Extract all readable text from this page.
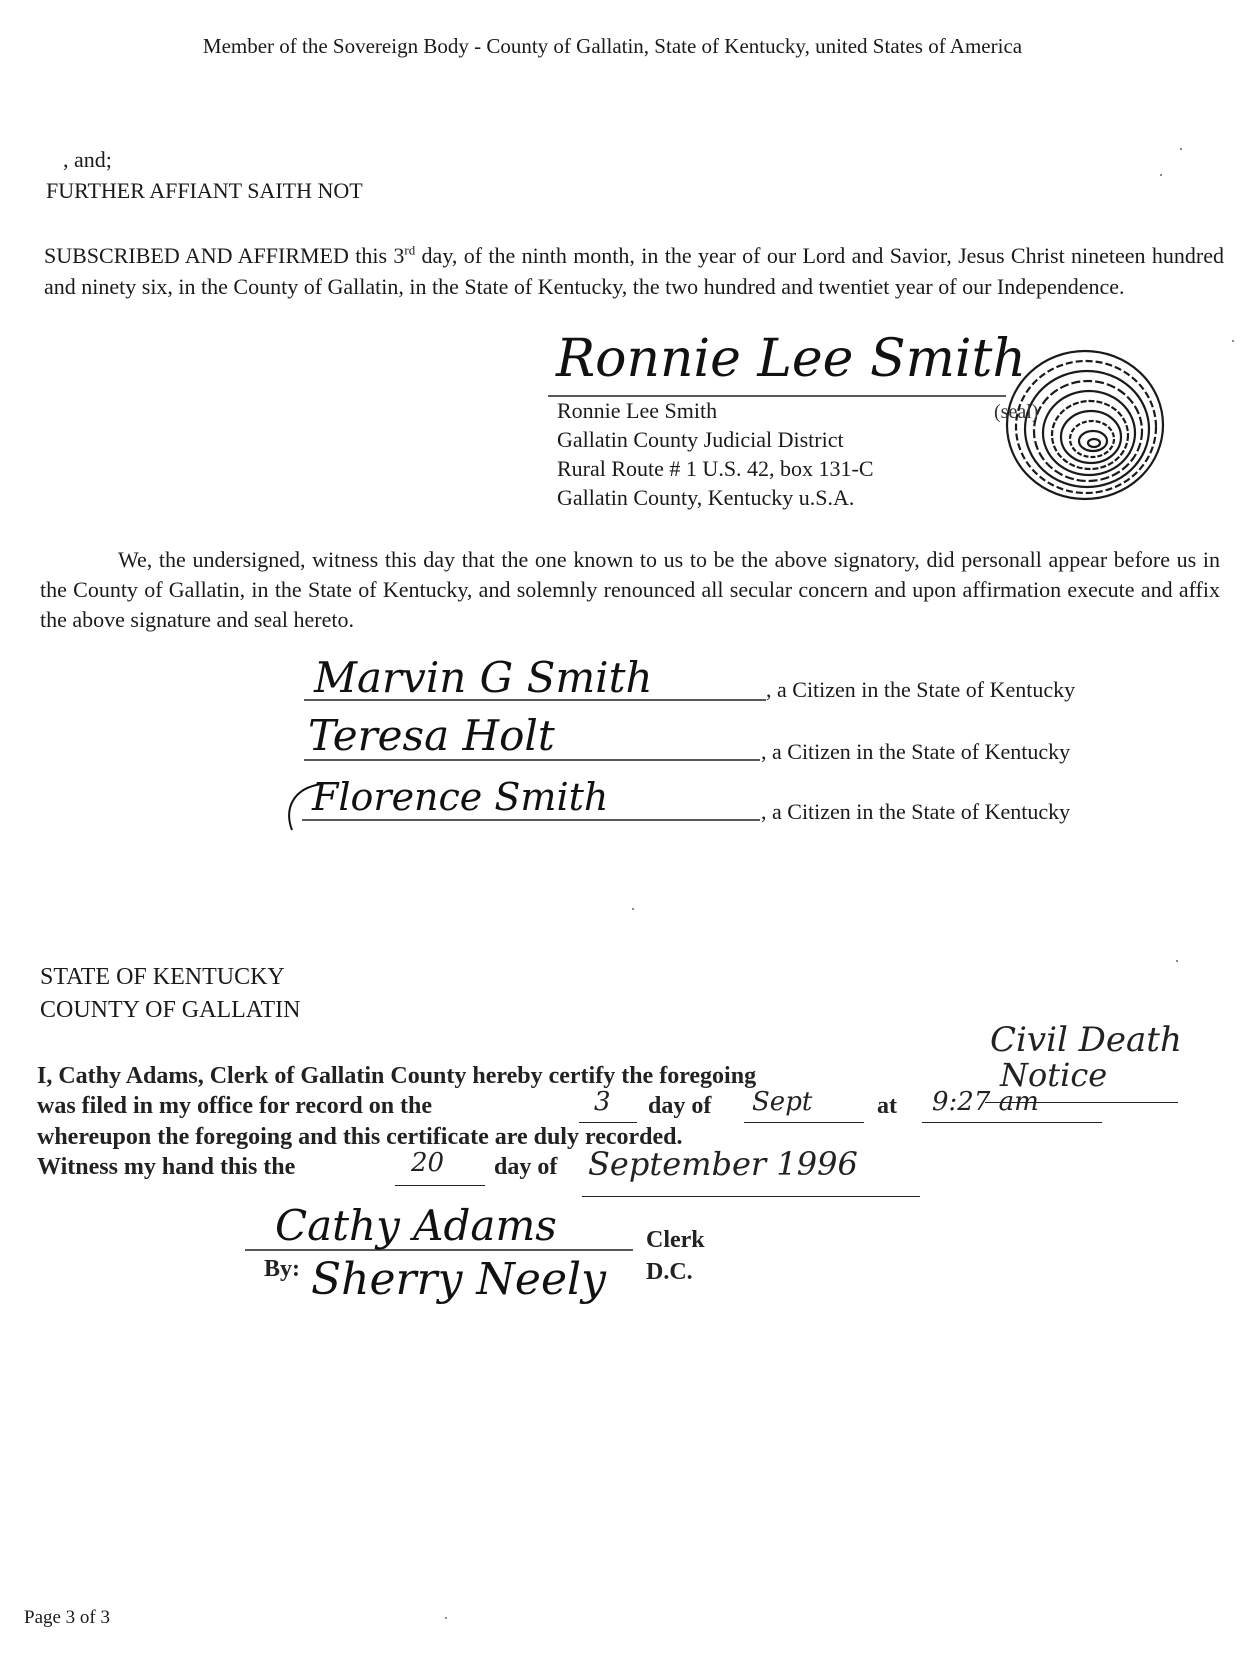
Member of the Sovereign Body - County of Gallatin, State of Kentucky, united States of America
, and;
FURTHER AFFIANT SAITH NOT
SUBSCRIBED AND AFFIRMED this 3rd day, of the ninth month, in the year of our Lord and Savior, Jesus Christ nineteen hundred and ninety six, in the County of Gallatin, in the State of Kentucky, the two hundred and twentiet year of our Independence.
Ronnie Lee Smith
(seal)
Ronnie Lee Smith
Gallatin County Judicial District
Rural Route # 1 U.S. 42, box 131-C
Gallatin County, Kentucky u.S.A.
We, the undersigned, witness this day that the one known to us to be the above signatory, did personall appear before us in the County of Gallatin, in the State of Kentucky, and solemnly renounced all secular concern and upon affirmation execute and affix the above signature and seal hereto.
Marvin G Smith	, a Citizen in the State of Kentucky
Teresa Holt	, a Citizen in the State of Kentucky
Florence Smith	, a Citizen in the State of Kentucky
STATE OF KENTUCKY
COUNTY OF GALLATIN
Civil Death
I, Cathy Adams, Clerk of Gallatin County hereby certify the foregoing	Notice
was filed in my office for record on the	3 day of Sept	at 9:27 am
whereupon the foregoing and this certificate are duly recorded.
Witness my hand this the	20 day of September 1996
Cathy Adams	Clerk
By: Sherry Neely D.C.
Page 3 of 3
